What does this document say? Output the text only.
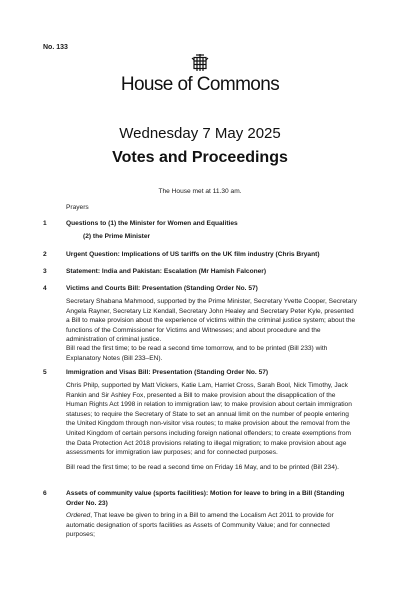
No. 133
House of Commons
Wednesday 7 May 2025
Votes and Proceedings
The House met at 11.30 am.
Prayers
1	Questions to (1) the Minister for Women and Equalities
(2) the Prime Minister
2	Urgent Question: Implications of US tariffs on the UK film industry (Chris Bryant)
3	Statement: India and Pakistan: Escalation (Mr Hamish Falconer)
4	Victims and Courts Bill: Presentation (Standing Order No. 57)
Secretary Shabana Mahmood, supported by the Prime Minister, Secretary Yvette Cooper, Secretary Angela Rayner, Secretary Liz Kendall, Secretary John Healey and Secretary Peter Kyle, presented a Bill to make provision about the experience of victims within the criminal justice system; about the functions of the Commissioner for Victims and Witnesses; and about procedure and the administration of criminal justice.
Bill read the first time; to be read a second time tomorrow, and to be printed (Bill 233) with Explanatory Notes (Bill 233–EN).
5	Immigration and Visas Bill: Presentation (Standing Order No. 57)
Chris Philp, supported by Matt Vickers, Katie Lam, Harriet Cross, Sarah Bool, Nick Timothy, Jack Rankin and Sir Ashley Fox, presented a Bill to make provision about the disapplication of the Human Rights Act 1998 in relation to immigration law; to make provision about certain immigration statuses; to require the Secretary of State to set an annual limit on the number of people entering the United Kingdom through non-visitor visa routes; to make provision about the removal from the United Kingdom of certain persons including foreign national offenders; to create exemptions from the Data Protection Act 2018 provisions relating to illegal migration; to make provision about age assessments for immigration law purposes; and for connected purposes.
Bill read the first time; to be read a second time on Friday 16 May, and to be printed (Bill 234).
6	Assets of community value (sports facilities): Motion for leave to bring in a Bill (Standing Order No. 23)
Ordered, That leave be given to bring in a Bill to amend the Localism Act 2011 to provide for automatic designation of sports facilities as Assets of Community Value; and for connected purposes;
